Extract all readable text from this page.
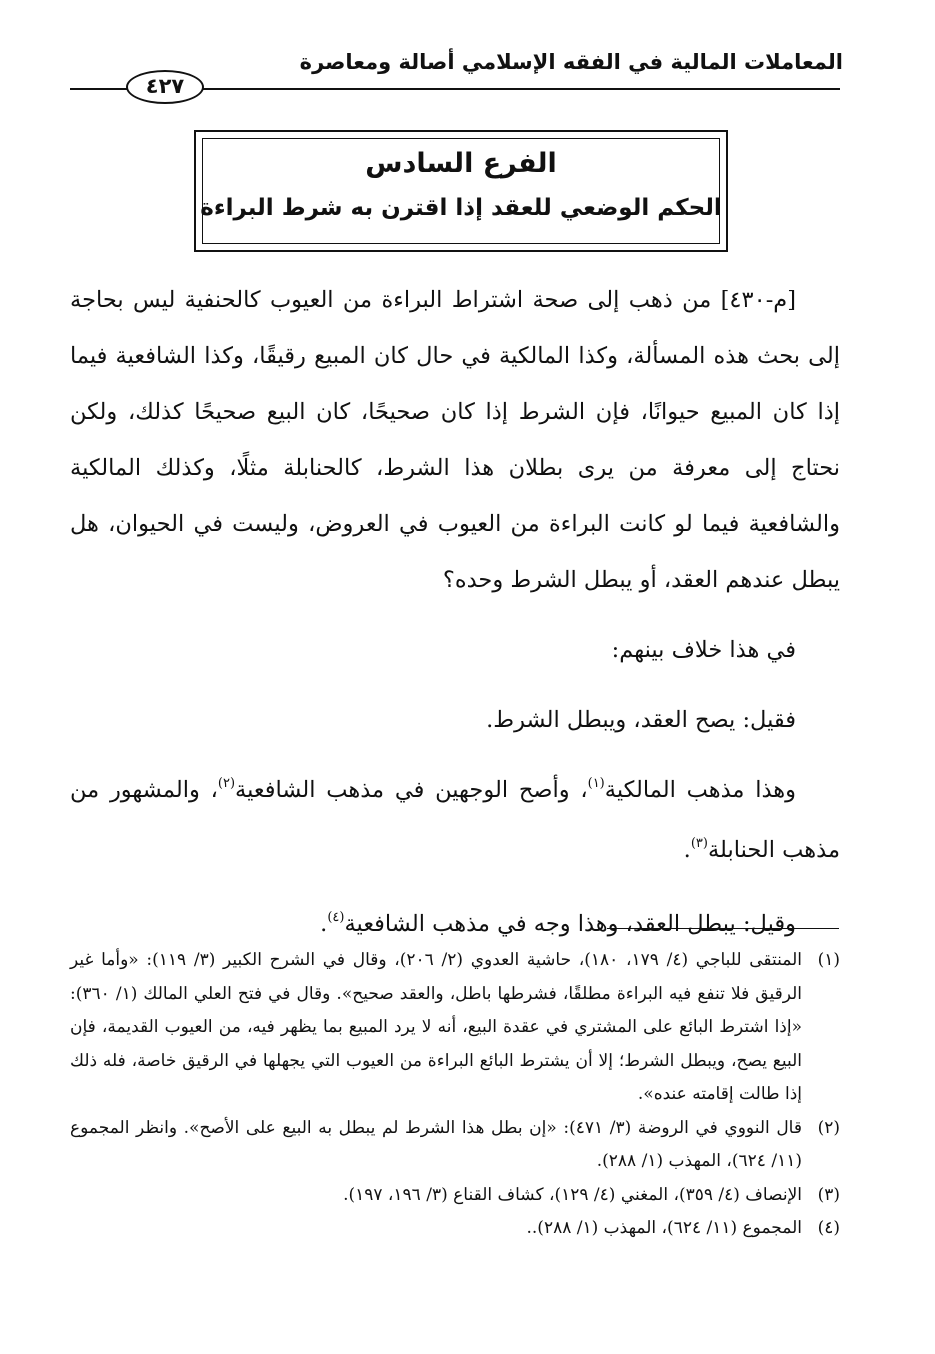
المعاملات المالية في الفقه الإسلامي أصالة ومعاصرة
٤٢٧
الفرع السادس
الحكم الوضعي للعقد إذا اقترن به شرط البراءة

[م-٤٣٠] من ذهب إلى صحة اشتراط البراءة من العيوب كالحنفية ليس بحاجة إلى بحث هذه المسألة، وكذا المالكية في حال كان المبيع رقيقًا، وكذا الشافعية فيما إذا كان المبيع حيوانًا، فإن الشرط إذا كان صحيحًا، كان البيع صحيحًا كذلك، ولكن نحتاج إلى معرفة من يرى بطلان هذا الشرط، كالحنابلة مثلًا، وكذلك المالكية والشافعية فيما لو كانت البراءة من العيوب في العروض، وليست في الحيوان، هل يبطل عندهم العقد، أو يبطل الشرط وحده؟

في هذا خلاف بينهم:

فقيل: يصح العقد، ويبطل الشرط.

وهذا مذهب المالكية$^{(١)}$، وأصح الوجهين في مذهب الشافعية$^{(٢)}$، والمشهور من مذهب الحنابلة$^{(٣)}$.

وقيل: يبطل العقد، وهذا وجه في مذهب الشافعية$^{(٤)}$.

(١)
المنتقى للباجي (٤/ ١٧٩، ١٨٠)، حاشية العدوي (٢/ ٢٠٦)، وقال في الشرح الكبير (٣/ ١١٩): «وأما غير الرقيق فلا تنفع فيه البراءة مطلقًا، فشرطها باطل، والعقد صحيح». وقال في فتح العلي المالك (١/ ٣٦٠): «إذا اشترط البائع على المشتري في عقدة البيع، أنه لا يرد المبيع بما يظهر فيه، من العيوب القديمة، فإن البيع يصح، ويبطل الشرط؛ إلا أن يشترط البائع البراءة من العيوب التي يجهلها في الرقيق خاصة، فله ذلك إذا طالت إقامته عنده».
(٢)
قال النووي في الروضة (٣/ ٤٧١): «إن بطل هذا الشرط لم يبطل به البيع على الأصح». وانظر المجموع (١١/ ٦٢٤)، المهذب (١/ ٢٨٨).
(٣)
الإنصاف (٤/ ٣٥٩)، المغني (٤/ ١٢٩)، كشاف القناع (٣/ ١٩٦، ١٩٧).
(٤)
المجموع (١١/ ٦٢٤)، المهذب (١/ ٢٨٨)..
